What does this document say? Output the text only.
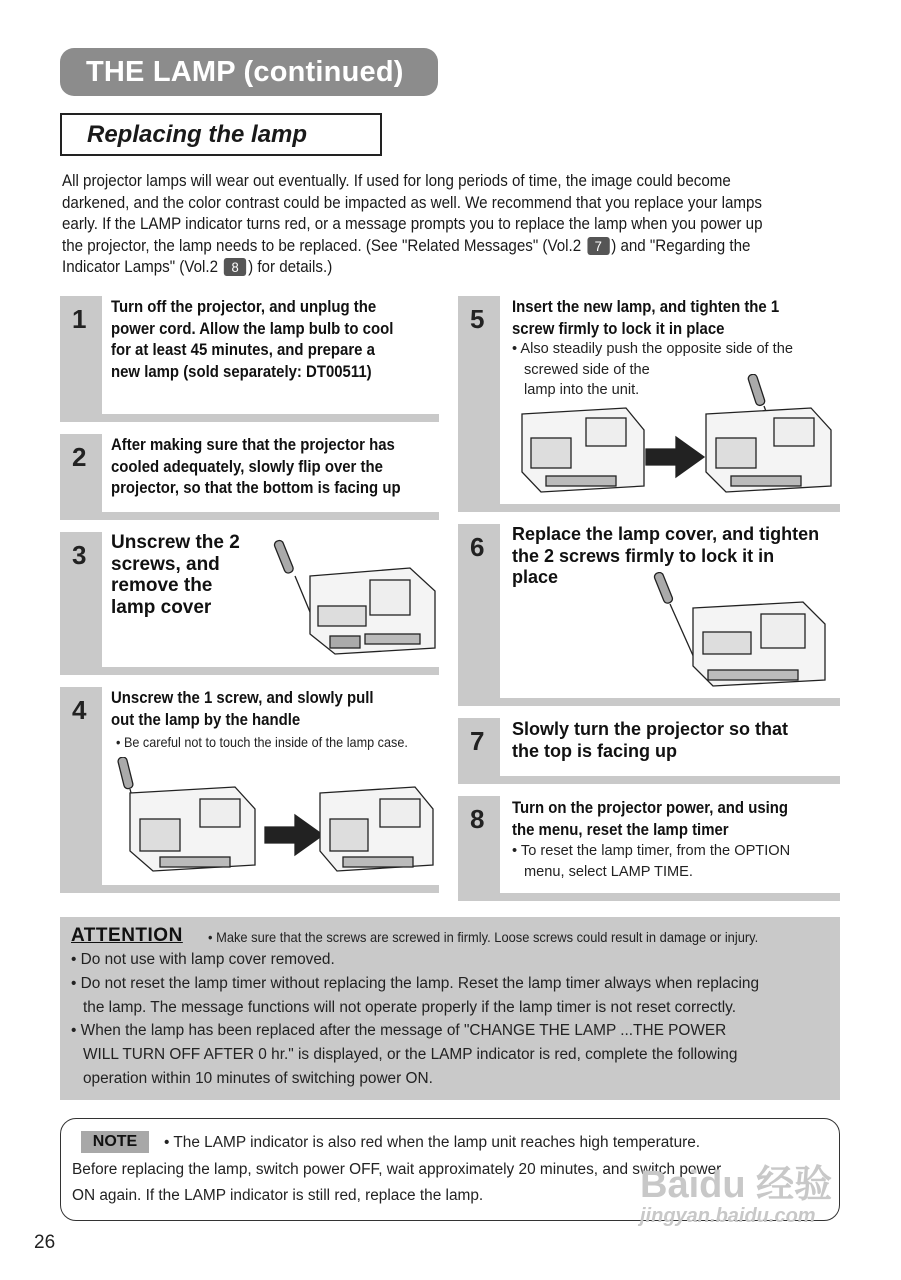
THE LAMP (continued)
Replacing the lamp
All projector lamps will wear out eventually. If used for long periods of time, the image could become
darkened, and the color contrast could be impacted as well. We recommend that you replace your lamps
early. If the LAMP indicator turns red, or a message prompts you to replace the lamp when you power up
the projector, the lamp needs to be replaced. (See "Related Messages" (Vol.2 7 ) and "Regarding the
Indicator Lamps" (Vol.2 8 ) for details.)
1 Turn off the projector, and unplug the
power cord. Allow the lamp bulb to cool
for at least 45 minutes, and prepare a
new lamp (sold separately: DT00511)
2 After making sure that the projector has
cooled adequately, slowly flip over the
projector, so that the bottom is facing up
3 Unscrew the 2
screws, and
remove the
lamp cover
4 Unscrew the 1 screw, and slowly pull
out the lamp by the handle
• Be careful not to touch the inside of the lamp case.
5 Insert the new lamp, and tighten the 1
screw firmly to lock it in place
• Also steadily push the opposite side of the
screwed side of the
lamp into the unit.
6 Replace the lamp cover, and tighten
the 2 screws firmly to lock it in
place
7 Slowly turn the projector so that
the top is facing up
8 Turn on the projector power, and using
the menu, reset the lamp timer
• To reset the lamp timer, from the OPTION
menu, select LAMP TIME.
ATTENTION • Make sure that the screws are screwed in firmly. Loose screws could result in damage or injury.
• Do not use with lamp cover removed.
• Do not reset the lamp timer without replacing the lamp. Reset the lamp timer always when replacing
the lamp. The message functions will not operate properly if the lamp timer is not reset correctly.
• When the lamp has been replaced after the message of "CHANGE THE LAMP ...THE POWER
WILL TURN OFF AFTER 0 hr." is displayed, or the LAMP indicator is red, complete the following
operation within 10 minutes of switching power ON.
NOTE	• The LAMP indicator is also red when the lamp unit reaches high temperature.
Before replacing the lamp, switch power OFF, wait approximately 20 minutes, and switch power
ON again. If the LAMP indicator is still red, replace the lamp.	Baidu 经验
jingyan.baidu.com
26
